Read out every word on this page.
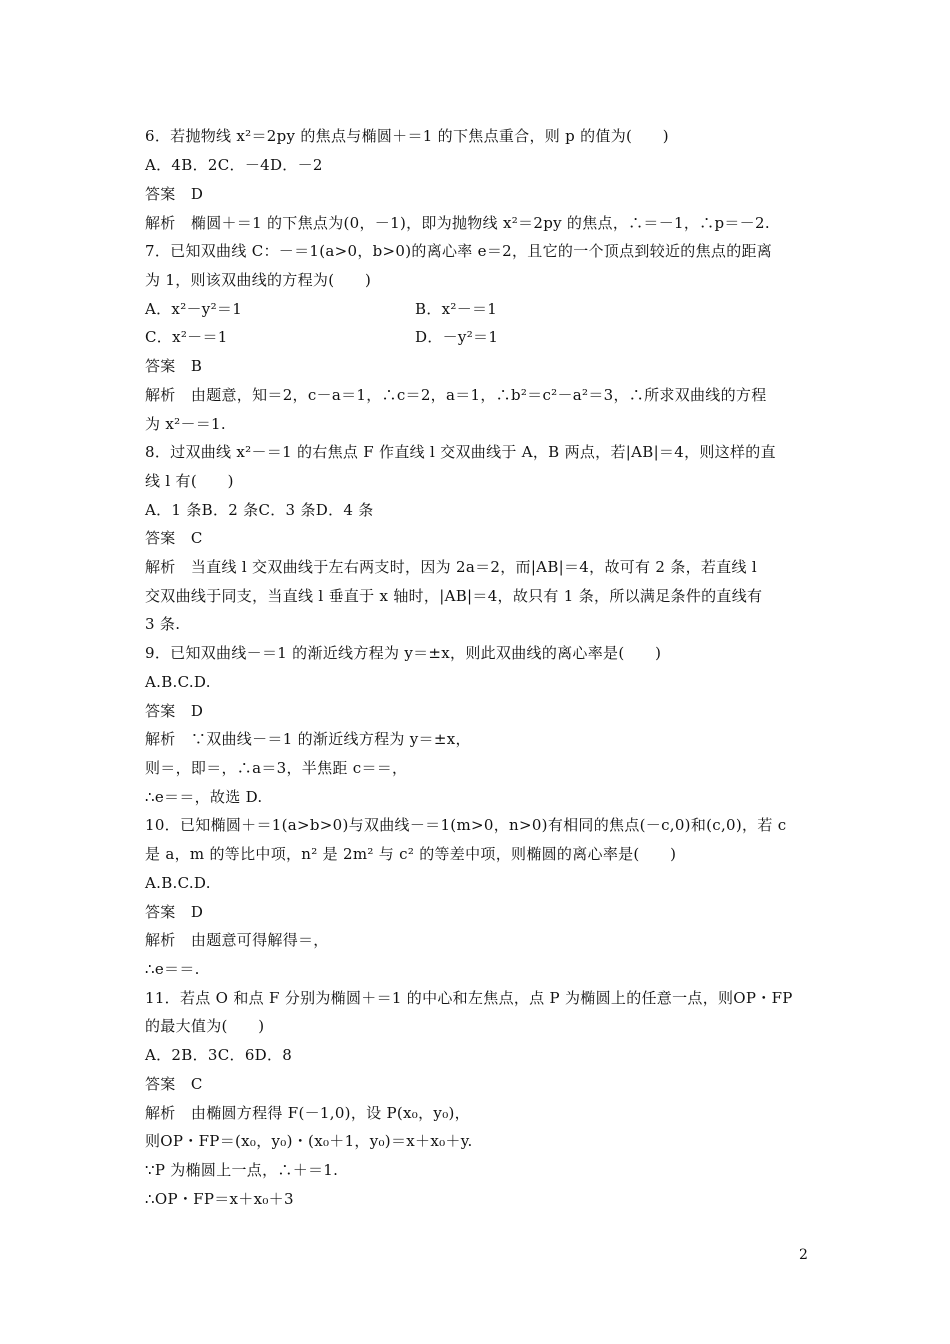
6．若抛物线 x²＝2py 的焦点与椭圆＋＝1 的下焦点重合，则 p 的值为(　　)
A．4B．2C．－4D．－2
答案　D
解析　椭圆＋＝1 的下焦点为(0，－1)，即为抛物线 x²＝2py 的焦点，∴＝－1，∴p＝－2.
7．已知双曲线 C：－＝1(a>0，b>0)的离心率 e＝2，且它的一个顶点到较近的焦点的距离
为 1，则该双曲线的方程为(　　)
A．x²－y²＝1	B．x²－＝1
C．x²－＝1	D．－y²＝1
答案　B
解析　由题意，知＝2，c－a＝1，∴c＝2，a＝1，∴b²＝c²－a²＝3，∴所求双曲线的方程
为 x²－＝1.
8．过双曲线 x²－＝1 的右焦点 F 作直线 l 交双曲线于 A，B 两点，若|AB|＝4，则这样的直
线 l 有(　　)
A．1 条B．2 条C．3 条D．4 条
答案　C
解析　当直线 l 交双曲线于左右两支时，因为 2a＝2，而|AB|＝4，故可有 2 条，若直线 l
交双曲线于同支，当直线 l 垂直于 x 轴时，|AB|＝4，故只有 1 条，所以满足条件的直线有
3 条.
9．已知双曲线－＝1 的渐近线方程为 y＝±x，则此双曲线的离心率是(　　)
A.B.C.D.
答案　D
解析　∵双曲线－＝1 的渐近线方程为 y＝±x，
则＝，即＝，∴a＝3，半焦距 c＝＝，
∴e＝＝，故选 D.
10．已知椭圆＋＝1(a>b>0)与双曲线－＝1(m>0，n>0)有相同的焦点(－c,0)和(c,0)，若 c
是 a，m 的等比中项，n² 是 2m² 与 c² 的等差中项，则椭圆的离心率是(　　)
A.B.C.D.
答案　D
解析　由题意可得解得＝，
∴e＝＝.
11．若点 O 和点 F 分别为椭圆＋＝1 的中心和左焦点，点 P 为椭圆上的任意一点，则OP・FP
的最大值为(　　)
A．2B．3C．6D．8
答案　C
解析　由椭圆方程得 F(－1,0)，设 P(x₀，y₀)，
则OP・FP＝(x₀，y₀)・(x₀＋1，y₀)＝x＋x₀＋y.
∵P 为椭圆上一点，∴＋＝1.
∴OP・FP＝x＋x₀＋3
2
